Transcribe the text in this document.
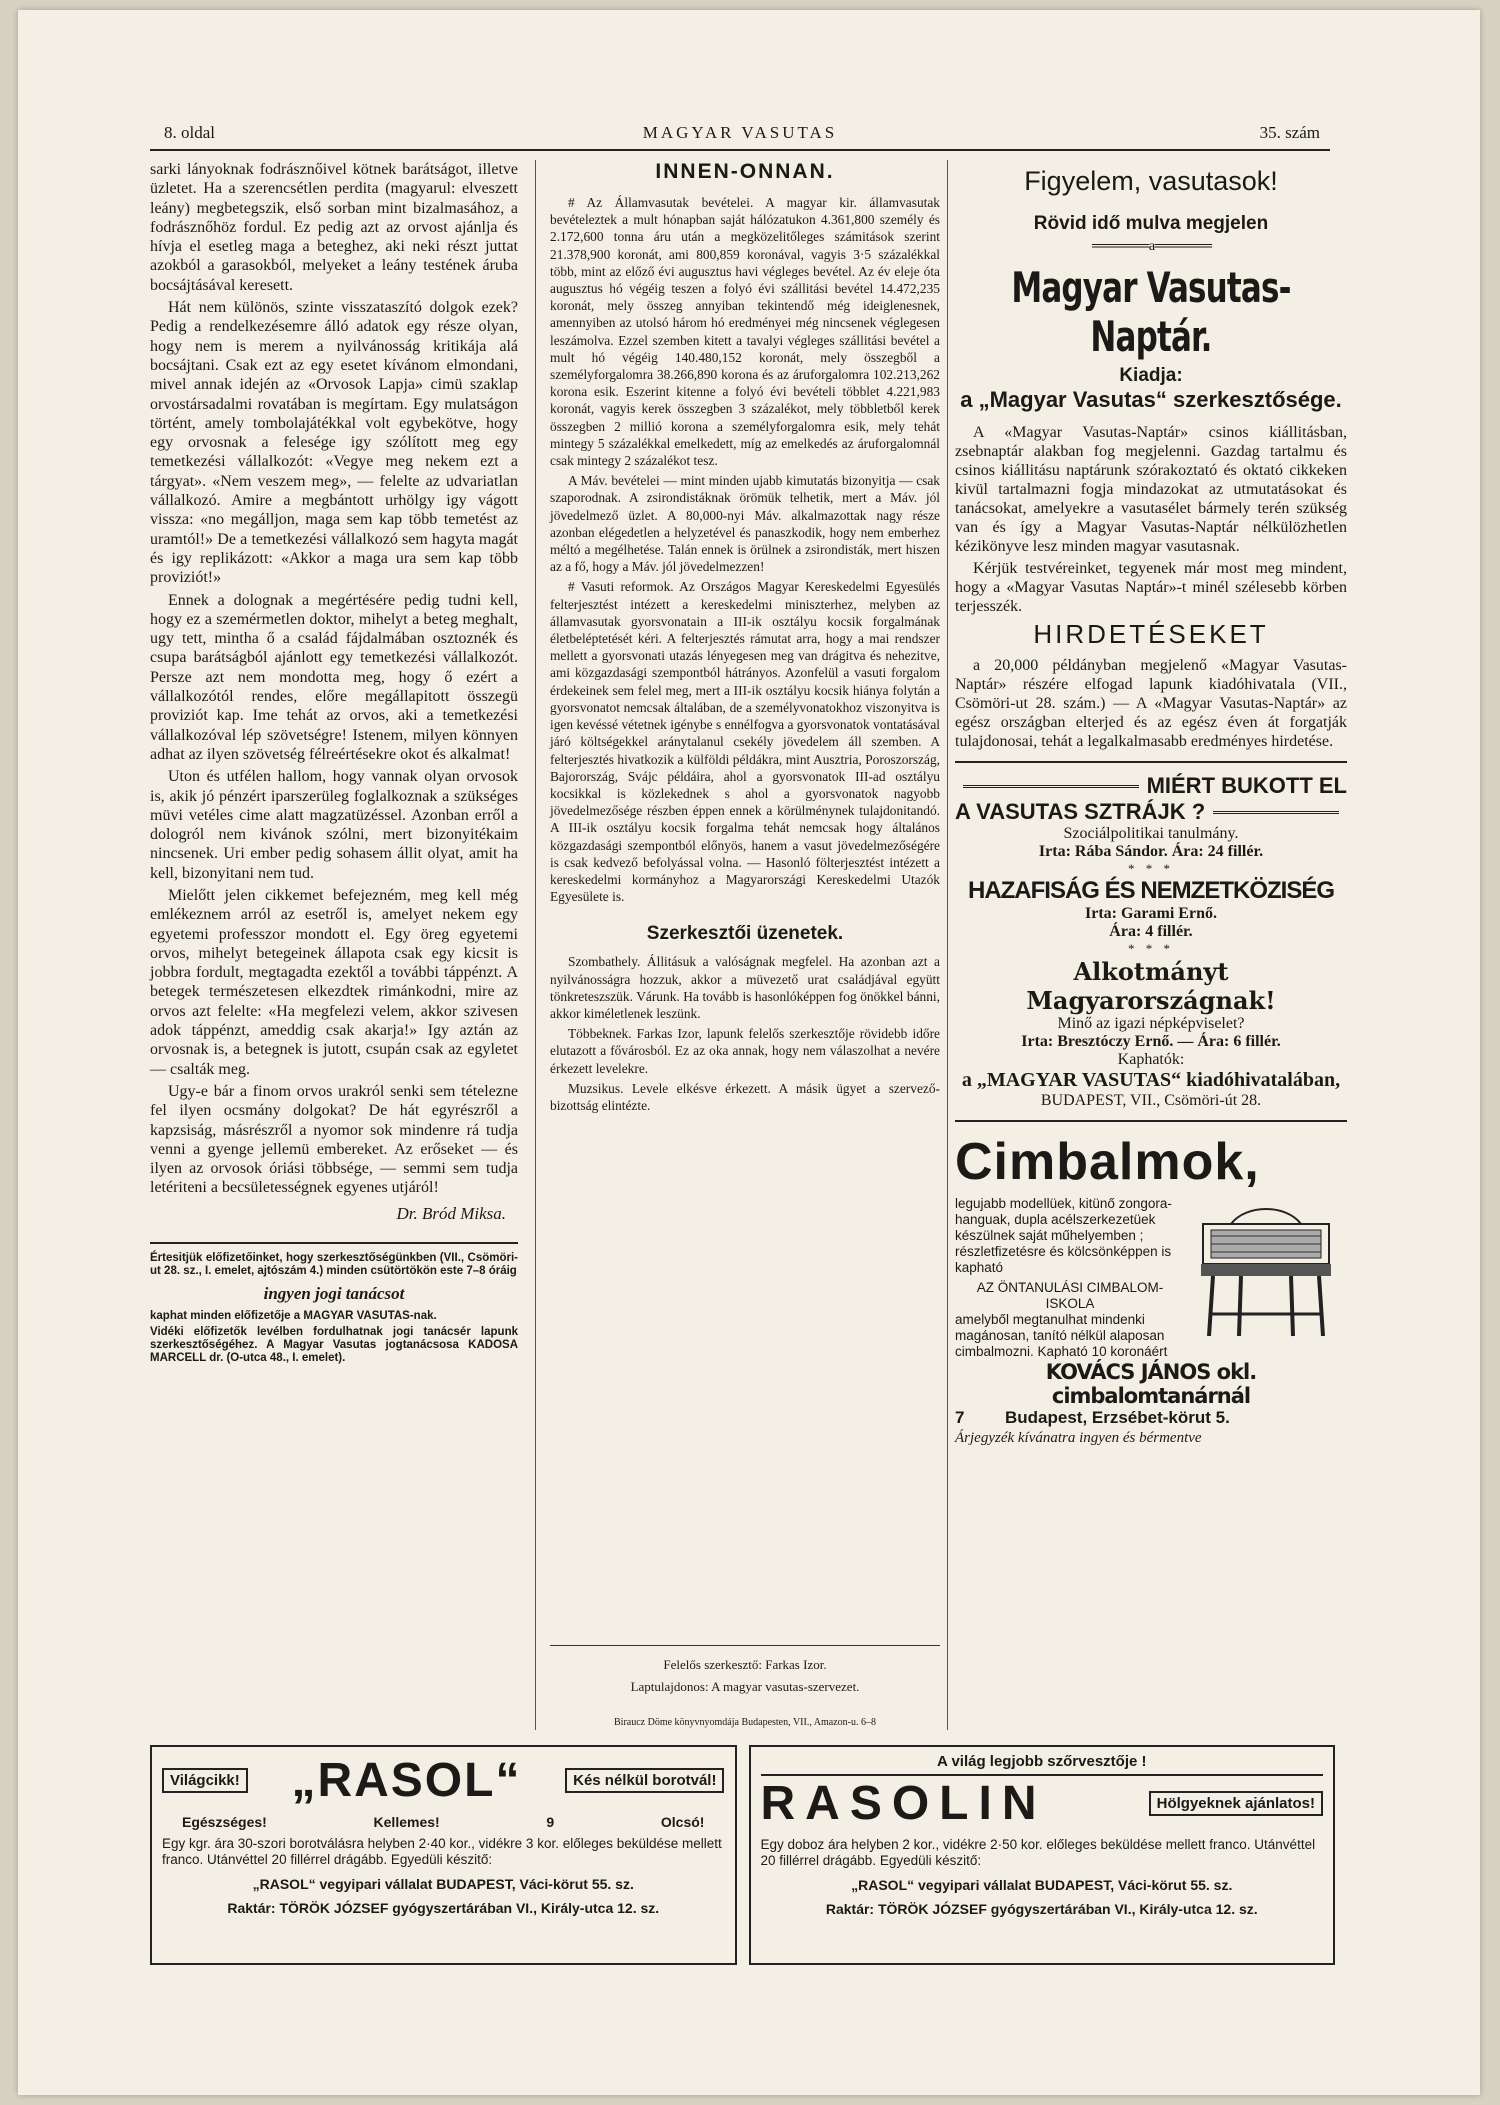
8. oldal	MAGYAR VASUTAS	35. szám

sarki lányoknak fodrásznőivel kötnek barátságot, illetve üzletet. Ha a szerencsétlen perdita (magyarul: elveszett leány) megbetegszik, első sorban mint bizalmasához, a fodrásznőhöz fordul. Ez pedig azt az orvost ajánlja és hívja el esetleg maga a beteghez, aki neki részt juttat azokból a garasokból, melyeket a leány testének áruba bocsájtásával keresett.

Hát nem különös, szinte visszataszító dolgok ezek? Pedig a rendelkezésemre álló adatok egy része olyan, hogy nem is merem a nyilvánosság kritikája alá bocsájtani. Csak ezt az egy esetet kívánom elmondani, mivel annak idején az «Orvosok Lapja» cimü szaklap orvostársadalmi rovatában is megírtam. Egy mulatságon történt, amely tombolajátékkal volt egybekötve, hogy egy orvosnak a felesége igy szólított meg egy temetkezési vállalkozót: «Vegye meg nekem ezt a tárgyat». «Nem veszem meg», — felelte az udvariatlan vállalkozó. Amire a megbántott urhölgy igy vágott vissza: «no megálljon, maga sem kap több temetést az uramtól!» De a temetkezési vállalkozó sem hagyta magát és igy replikázott: «Akkor a maga ura sem kap több proviziót!»

Ennek a dolognak a megértésére pedig tudni kell, hogy ez a szemérmetlen doktor, mihelyt a beteg meghalt, ugy tett, mintha ő a család fájdalmában osztoznék és csupa barátságból ajánlott egy temetkezési vállalkozót. Persze azt nem mondotta meg, hogy ő ezért a vállalkozótól rendes, előre megállapitott összegü proviziót kap. Ime tehát az orvos, aki a temetkezési vállalkozóval lép szövetségre! Istenem, milyen könnyen adhat az ilyen szövetség félreértésekre okot és alkalmat!

Uton és utfélen hallom, hogy vannak olyan orvosok is, akik jó pénzért iparszerüleg foglalkoznak a szükséges müvi vetéles cime alatt magzatüzéssel. Azonban erről a dologról nem kivánok szólni, mert bizonyitékaim nincsenek. Uri ember pedig sohasem állit olyat, amit ha kell, bizonyitani nem tud.

Mielőtt jelen cikkemet befejezném, meg kell még emlékeznem arról az esetről is, amelyet nekem egy egyetemi professzor mondott el. Egy öreg egyetemi orvos, mihelyt betegeinek állapota csak egy kicsit is jobbra fordult, megtagadta ezektől a további táppénzt. A betegek természetesen elkezdtek rimánkodni, mire az orvos azt felelte: «Ha megfelezi velem, akkor szivesen adok táppénzt, ameddig csak akarja!» Igy aztán az orvosnak is, a betegnek is jutott, csupán csak az egyletet — csalták meg.

Ugy-e bár a finom orvos urakról senki sem tételezne fel ilyen ocsmány dolgokat? De hát egyrészről a kapzsiság, másrészről a nyomor sok mindenre rá tudja venni a gyenge jellemü embereket. Az erőseket — és ilyen az orvosok óriási többsége, — semmi sem tudja letériteni a becsületességnek egyenes utjáról!

Dr. Bród Miksa.

Értesitjük előfizetőinket, hogy szerkesztőségünkben (VII., Csömöri-ut 28. sz., I. emelet, ajtószám 4.) minden csütörtökön este 7–8 óráig

ingyen jogi tanácsot

kaphat minden előfizetője a MAGYAR VASUTAS-nak.

Vidéki előfizetők levélben fordulhatnak jogi tanácsér lapunk szerkesztőségéhez. A Magyar Vasutas jogtanácsosa KADOSA MARCELL dr. (O-utca 48., I. emelet).

INNEN-ONNAN.

# Az Államvasutak bevételei. A magyar kir. államvasutak bevételeztek a mult hónapban saját hálózatukon 4.361,800 személy és 2.172,600 tonna áru után a megközelitőleges számitások szerint 21.378,900 koronát, ami 800,859 koronával, vagyis 3·5 százalékkal több, mint az előző évi augusztus havi végleges bevétel. Az év eleje óta augusztus hó végéig teszen a folyó évi szállitási bevétel 14.472,235 koronát, mely összeg annyiban tekintendő még ideiglenesnek, amennyiben az utolsó három hó eredményei még nincsenek véglegesen leszámolva. Ezzel szemben kitett a tavalyi végleges szállitási bevétel a mult hó végéig 140.480,152 koronát, mely összegből a személyforgalomra 38.266,890 korona és az áruforgalomra 102.213,262 korona esik. Eszerint kitenne a folyó évi bevételi többlet 4.221,983 koronát, vagyis kerek összegben 3 százalékot, mely többletből kerek összegben 2 millió korona a személyforgalomra esik, mely tehát mintegy 5 százalékkal emelkedett, míg az emelkedés az áruforgalomnál csak mintegy 2 százalékot tesz.

A Máv. bevételei — mint minden ujabb kimutatás bizonyitja — csak szaporodnak. A zsirondistáknak örömük telhetik, mert a Máv. jól jövedelmező üzlet. A 80,000-nyi Máv. alkalmazottak nagy része azonban elégedetlen a helyzetével és panaszkodik, hogy nem emberhez méltó a megélhetése. Talán ennek is örülnek a zsirondisták, mert hiszen az a fő, hogy a Máv. jól jövedelmezzen!

# Vasuti reformok. Az Országos Magyar Kereskedelmi Egyesülés felterjesztést intézett a kereskedelmi miniszterhez, melyben az államvasutak gyorsvonatain a III-ik osztályu kocsik forgalmának életbeléptetését kéri. A felterjesztés rámutat arra, hogy a mai rendszer mellett a gyorsvonati utazás lényegesen meg van drágitva és nehezitve, ami közgazdasági szempontból hátrányos. Azonfelül a vasuti forgalom érdekeinek sem felel meg, mert a III-ik osztályu kocsik hiánya folytán a gyorsvonatot nemcsak általában, de a személyvonatokhoz viszonyitva is igen kevéssé vétetnek igénybe s ennélfogva a gyorsvonatok vontatásával járó költségekkel aránytalanul csekély jövedelem áll szemben. A felterjesztés hivatkozik a külföldi példákra, mint Ausztria, Poroszország, Bajorország, Svájc példáira, ahol a gyorsvonatok III-ad osztályu kocsikkal is közlekednek s ahol a gyorsvonatok nagyobb jövedelmezősége részben éppen ennek a körülménynek tulajdonitandó. A III-ik osztályu kocsik forgalma tehát nemcsak hogy általános közgazdasági szempontból előnyös, hanem a vasut jövedelmezőségére is csak kedvező befolyással volna. — Hasonló fölterjesztést intézett a kereskedelmi kormányhoz a Magyarországi Kereskedelmi Utazók Egyesülete is.

Szerkesztői üzenetek.

Szombathely. Állitásuk a valóságnak megfelel. Ha azonban azt a nyilvánosságra hozzuk, akkor a müvezető urat családjával együtt tönkreteszszük. Várunk. Ha tovább is hasonlóképpen fog önökkel bánni, akkor kiméletlenek leszünk.

Többeknek. Farkas Izor, lapunk felelős szerkesztője rövidebb időre elutazott a fővárosból. Ez az oka annak, hogy nem válaszolhat a nevére érkezett levelekre.

Muzsikus. Levele elkésve érkezett. A másik ügyet a szervező-bizottság elintézte.

Felelős szerkesztő: Farkas Izor.
Laptulajdonos: A magyar vasutas-szervezet.
Biraucz Döme könyvnyomdája Budapesten, VII., Amazon-u. 6–8
Figyelem, vasutasok!
Rövid idő mulva megjelen
═══════ a ═══════
Magyar Vasutas-Naptár.
Kiadja:
a „Magyar Vasutas“ szerkesztősége.

A «Magyar Vasutas-Naptár» csinos kiállitásban, zsebnaptár alakban fog megjelenni. Gazdag tartalmu és csinos kiállitásu naptárunk szórakoztató és oktató cikkeken kivül tartalmazni fogja mindazokat az utmutatásokat és tanácsokat, amelyekre a vasutasélet bármely terén szükség van és így a Magyar Vasutas-Naptár nélkülözhetlen kézikönyve lesz minden magyar vasutasnak.

Kérjük testvéreinket, tegyenek már most meg mindent, hogy a «Magyar Vasutas Naptár»-t minél szélesebb körben terjesszék.

HIRDETÉSEKET

a 20,000 példányban megjelenő «Magyar Vasutas-Naptár» részére elfogad lapunk kiadóhivatala (VII., Csömöri-ut 28. szám.) — A «Magyar Vasutas-Naptár» az egész országban elterjed és az egész éven át forgatják tulajdonosai, tehát a legalkalmasabb eredményes hirdetése.

MIÉRT BUKOTT EL
A VASUTAS SZTRÁJK ?
Szociálpolitikai tanulmány.
Irta: Rába Sándor. Ára: 24 fillér.
* * *
HAZAFISÁG ÉS NEMZETKÖZISÉG
Irta: Garami Ernő.
Ára: 4 fillér.
* * *
Alkotmányt Magyarországnak!
Minő az igazi népképviselet?
Irta: Bresztóczy Ernő. — Ára: 6 fillér.
Kaphatók:
a „MAGYAR VASUTAS“ kiadóhivatalában,
BUDAPEST, VII., Csömöri-út 28.
Cimbalmok,
legujabb modellüek, kitünő zongora-hanguak, dupla acélszerkezetüek készülnek saját műhelyemben ; részletfizetésre és kölcsönképpen is kapható
AZ ÖNTANULÁSI CIMBALOM-ISKOLA
amelyből megtanulhat mindenki magánosan, tanító nélkül alaposan cimbalmozni. Kapható 10 koronáért
KOVÁCS JÁNOS okl. cimbalomtanárnál
7	Budapest, Erzsébet-körut 5.
Árjegyzék kívánatra ingyen és bérmentve
Világcikk! „RASOL“	Kés nélkül borotvál!
Egészséges!	Kellemes!	9	Olcsó!
Egy kgr. ára 30-szori borotválásra helyben 2·40 kor., vidékre 3 kor. előleges beküldése mellett franco. Utánvéttel 20 fillérrel drágább. Egyedüli készitő:
„RASOL“ vegyipari vállalat BUDAPEST, Váci-körut 55. sz.
Raktár: TÖRÖK JÓZSEF gyógyszertárában VI., Király-utca 12. sz.
A világ legjobb szőrvesztője !
RASOLIN	Hölgyeknek ajánlatos!
Egy doboz ára helyben 2 kor., vidékre 2·50 kor. előleges beküldése mellett franco. Utánvéttel 20 fillérrel drágább. Egyedüli készitő:
„RASOL“ vegyipari vállalat BUDAPEST, Váci-körut 55. sz.
Raktár: TÖRÖK JÓZSEF gyógyszertárában VI., Király-utca 12. sz.
